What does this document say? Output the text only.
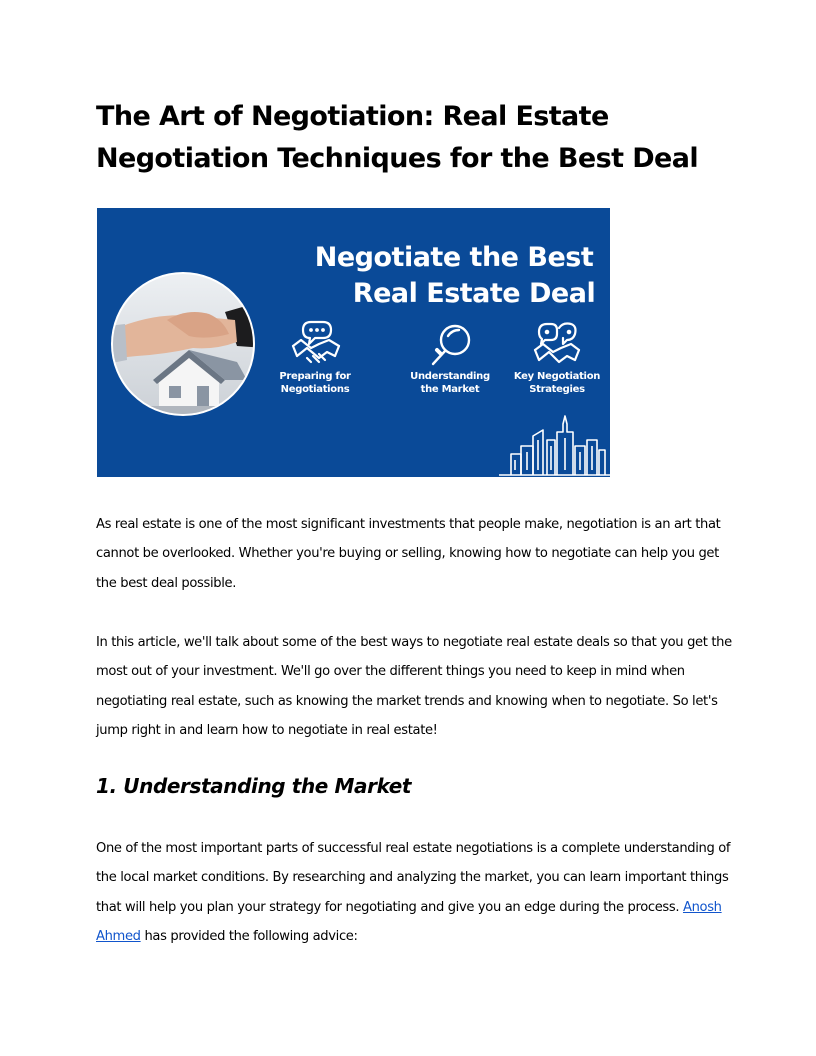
The Art of Negotiation: Real Estate Negotiation Techniques for the Best Deal
Negotiate the Best
Real Estate Deal
Preparing for
Negotiations
Understanding
the Market
Key Negotiation
Strategies

As real estate is one of the most significant investments that people make, negotiation is an art that cannot be overlooked. Whether you're buying or selling, knowing how to negotiate can help you get the best deal possible.

In this article, we'll talk about some of the best ways to negotiate real estate deals so that you get the most out of your investment. We'll go over the different things you need to keep in mind when negotiating real estate, such as knowing the market trends and knowing when to negotiate. So let's jump right in and learn how to negotiate in real estate!

1. Understanding the Market

One of the most important parts of successful real estate negotiations is a complete understanding of the local market conditions. By researching and analyzing the market, you can learn important things that will help you plan your strategy for negotiating and give you an edge during the process. Anosh Ahmed has provided the following advice:
